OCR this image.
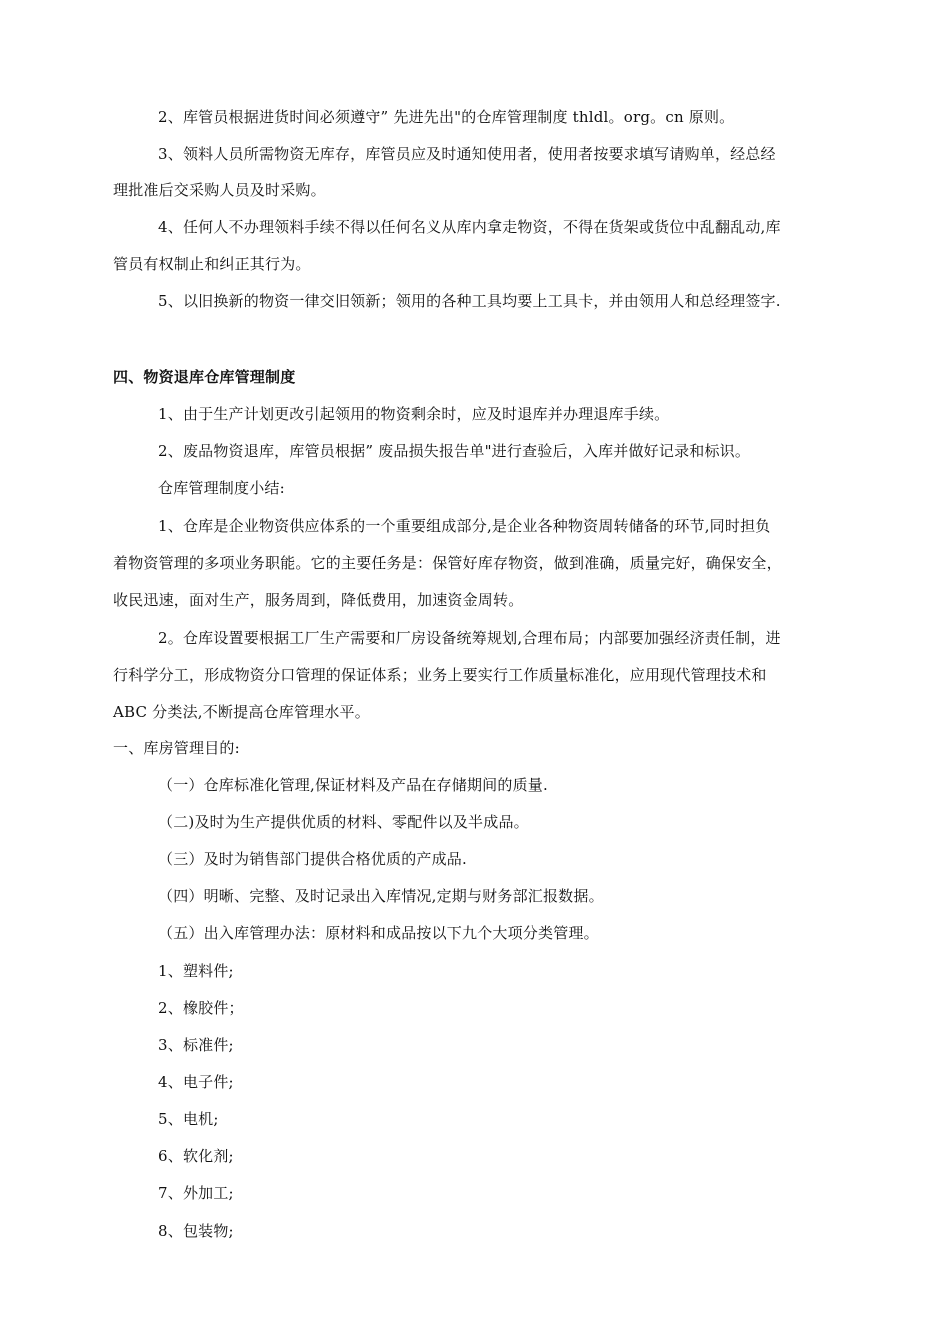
2、库管员根据进货时间必须遵守” 先进先出"的仓库管理制度 thldl。org。cn 原则。
3、领料人员所需物资无库存，库管员应及时通知使用者，使用者按要求填写请购单，经总经
理批准后交采购人员及时采购。
4、任何人不办理领料手续不得以任何名义从库内拿走物资，不得在货架或货位中乱翻乱动,库
管员有权制止和纠正其行为。
5、以旧换新的物资一律交旧领新；领用的各种工具均要上工具卡，并由领用人和总经理签字.
四、物资退库仓库管理制度
1、由于生产计划更改引起领用的物资剩余时，应及时退库并办理退库手续。
2、废品物资退库，库管员根据” 废品损失报告单"进行查验后，入库并做好记录和标识。
仓库管理制度小结:
1、仓库是企业物资供应体系的一个重要组成部分,是企业各种物资周转储备的环节,同时担负
着物资管理的多项业务职能。它的主要任务是：保管好库存物资，做到准确，质量完好，确保安全，
收民迅速，面对生产，服务周到，降低费用，加速资金周转。
2。仓库设置要根据工厂生产需要和厂房设备统筹规划,合理布局；内部要加强经济责任制，进
行科学分工，形成物资分口管理的保证体系；业务上要实行工作质量标准化，应用现代管理技术和
ABC 分类法,不断提高仓库管理水平。
一、库房管理目的:
（一）仓库标准化管理,保证材料及产品在存储期间的质量.
（二)及时为生产提供优质的材料、零配件以及半成品。
（三）及时为销售部门提供合格优质的产成品.
（四）明晰、完整、及时记录出入库情况,定期与财务部汇报数据。
（五）出入库管理办法：原材料和成品按以下九个大项分类管理。
1、塑料件;
2、橡胶件；
3、标准件;
4、电子件;
5、电机;
6、软化剂;
7、外加工;
8、包装物;
